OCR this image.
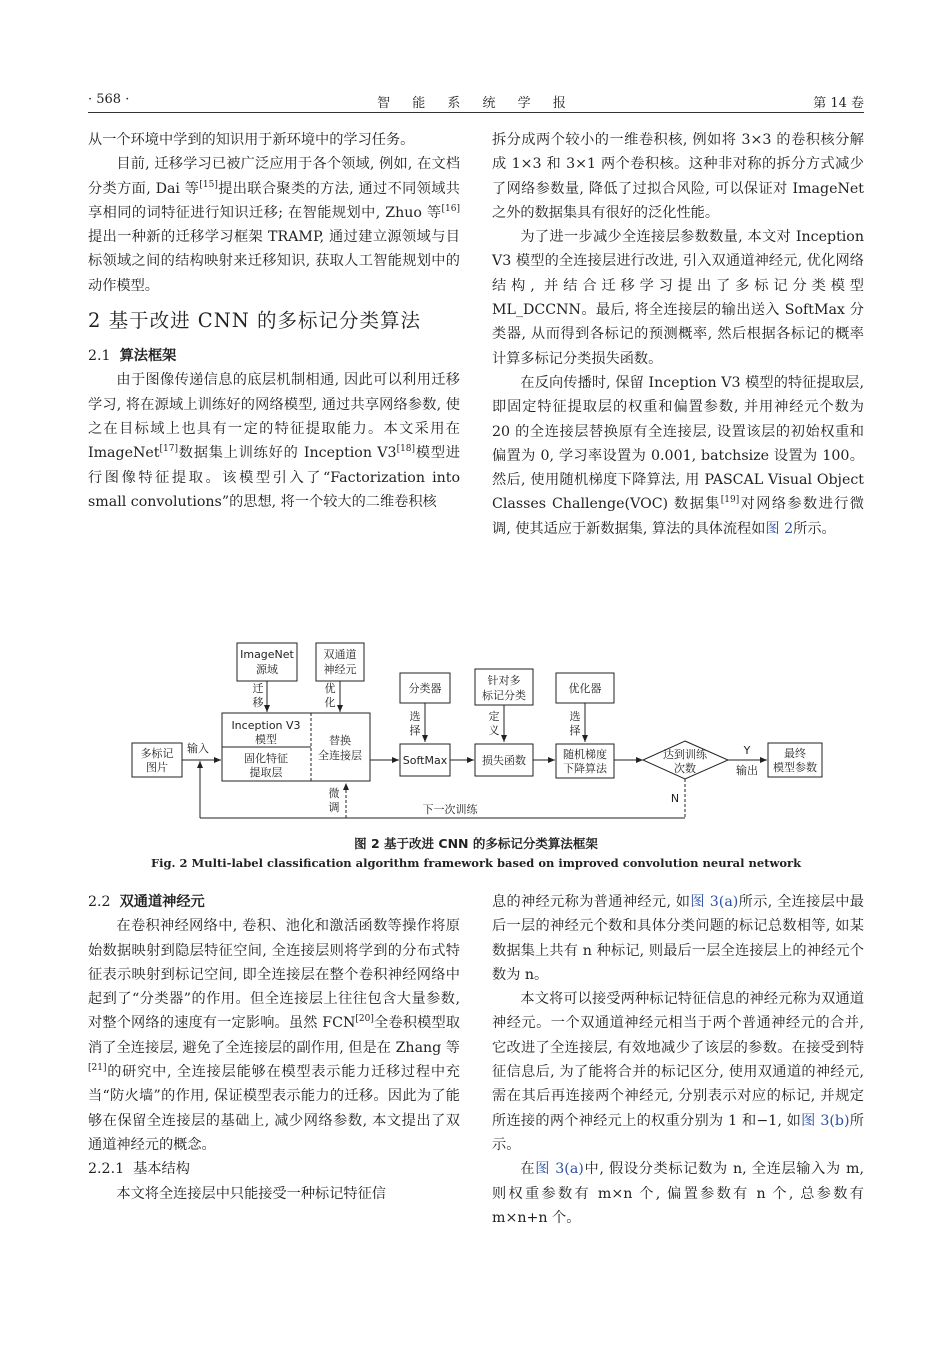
· 568 ·	智 能 系 统 学 报	第 14 卷

从一个环境中学到的知识用于新环境中的学习任务。

目前, 迁移学习已被广泛应用于各个领域, 例如, 在文档分类方面, Dai 等[15]提出联合聚类的方法, 通过不同领域共享相同的词特征进行知识迁移; 在智能规划中, Zhuo 等[16]提出一种新的迁移学习框架 TRAMP, 通过建立源领域与目标领域之间的结构映射来迁移知识, 获取人工智能规划中的动作模型。

2 基于改进 CNN 的多标记分类算法
2.1 算法框架

由于图像传递信息的底层机制相通, 因此可以利用迁移学习, 将在源域上训练好的网络模型, 通过共享网络参数, 使之在目标域上也具有一定的特征提取能力。本文采用在 ImageNet[17]数据集上训练好的 Inception V3[18]模型进行图像特征提取。该模型引入了“Factorization into small convolutions”的思想, 将一个较大的二维卷积核

拆分成两个较小的一维卷积核, 例如将 3×3 的卷积核分解成 1×3 和 3×1 两个卷积核。这种非对称的拆分方式减少了网络参数量, 降低了过拟合风险, 可以保证对 ImageNet 之外的数据集具有很好的泛化性能。

为了进一步减少全连接层参数数量, 本文对 Inception V3 模型的全连接层进行改进, 引入双通道神经元, 优化网络结构, 并结合迁移学习提出了多标记分类模型 ML_DCCNN。最后, 将全连接层的输出送入 SoftMax 分类器, 从而得到各标记的预测概率, 然后根据各标记的概率计算多标记分类损失函数。

在反向传播时, 保留 Inception V3 模型的特征提取层, 即固定特征提取层的权重和偏置参数, 并用神经元个数为 20 的全连接层替换原有全连接层, 设置该层的初始权重和偏置为 0, 学习率设置为 0.001, batchsize 设置为 100。然后, 使用随机梯度下降算法, 用 PASCAL Visual Object Classes Challenge(VOC) 数据集[19]对网络参数进行微调, 使其适应于新数据集, 算法的具体流程如图 2所示。

ImageNet
源域
双通道
神经元
迁
移
优
化
Inception V3
模型
固化特征
提取层
替换
全连接层
多标记
图片
输入
分类器
选
择
SoftMax
针对多
标记分类
定
义
损失函数
优化器
选
择
随机梯度
下降算法
达到训练
次数
Y
输出
最终
模型参数
N
下一次训练
微
调
图 2 基于改进 CNN 的多标记分类算法框架
Fig. 2 Multi-label classification algorithm framework based on improved convolution neural network
2.2 双通道神经元

在卷积神经网络中, 卷积、池化和激活函数等操作将原始数据映射到隐层特征空间, 全连接层则将学到的分布式特征表示映射到标记空间, 即全连接层在整个卷积神经网络中起到了“分类器”的作用。但全连接层上往往包含大量参数, 对整个网络的速度有一定影响。虽然 FCN[20]全卷积模型取消了全连接层, 避免了全连接层的副作用, 但是在 Zhang 等[21]的研究中, 全连接层能够在模型表示能力迁移过程中充当“防火墙”的作用, 保证模型表示能力的迁移。因此为了能够在保留全连接层的基础上, 减少网络参数, 本文提出了双通道神经元的概念。

2.2.1 基本结构

本文将全连接层中只能接受一种标记特征信

息的神经元称为普通神经元, 如图 3(a)所示, 全连接层中最后一层的神经元个数和具体分类问题的标记总数相等, 如某数据集上共有 n 种标记, 则最后一层全连接层上的神经元个数为 n。

本文将可以接受两种标记特征信息的神经元称为双通道神经元。一个双通道神经元相当于两个普通神经元的合并, 它改进了全连接层, 有效地减少了该层的参数。在接受到特征信息后, 为了能将合并的标记区分, 使用双通道的神经元, 需在其后再连接两个神经元, 分别表示对应的标记, 并规定所连接的两个神经元上的权重分别为 1 和−1, 如图 3(b)所示。

在图 3(a)中, 假设分类标记数为 n, 全连层输入为 m, 则权重参数有 m×n 个, 偏置参数有 n 个, 总参数有 m×n+n 个。
